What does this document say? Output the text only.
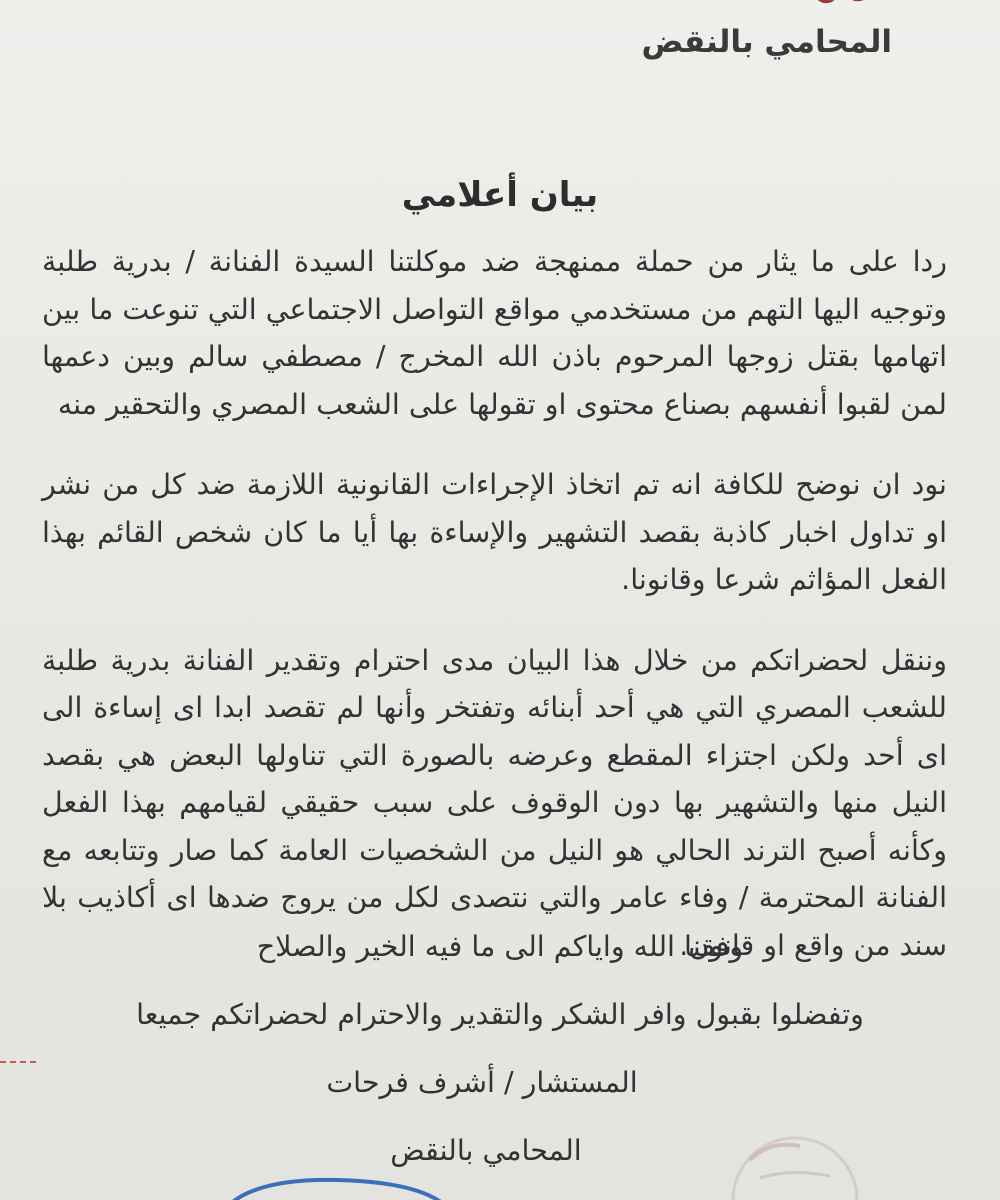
المحامي بالنقض
بيان أعلامي

ردا على ما يثار من حملة ممنهجة ضد موكلتنا السيدة الفنانة / بدرية طلبة وتوجيه اليها التهم من مستخدمي مواقع التواصل الاجتماعي التي تنوعت ما بين اتهامها بقتل زوجها المرحوم باذن الله المخرج / مصطفي سالم وبين دعمها لمن لقبوا أنفسهم بصناع محتوى او تقولها على الشعب المصري والتحقير منه

نود ان نوضح للكافة انه تم اتخاذ الإجراءات القانونية اللازمة ضد كل من نشر او تداول اخبار كاذبة بقصد التشهير والإساءة بها أيا ما كان شخص القائم بهذا الفعل المؤاثم شرعا وقانونا.

وننقل لحضراتكم من خلال هذا البيان مدى احترام وتقدير الفنانة بدرية طلبة للشعب المصري التي هي أحد أبنائه وتفتخر وأنها لم تقصد ابدا اى إساءة الى اى أحد ولكن اجتزاء المقطع وعرضه بالصورة التي تناولها البعض هي بقصد النيل منها والتشهير بها دون الوقوف على سبب حقيقي لقيامهم بهذا الفعل وكأنه أصبح الترند الحالي هو النيل من الشخصيات العامة كما صار وتتابعه مع الفنانة المحترمة / وفاء عامر والتي نتصدى لكل من يروج ضدها اى أكاذيب بلا سند من واقع او قانون.

وفقنا الله واياكم الى ما فيه الخير والصلاح
وتفضلوا بقبول وافر الشكر والتقدير والاحترام لحضراتكم جميعا
المستشار / أشرف فرحات
المحامي بالنقض
